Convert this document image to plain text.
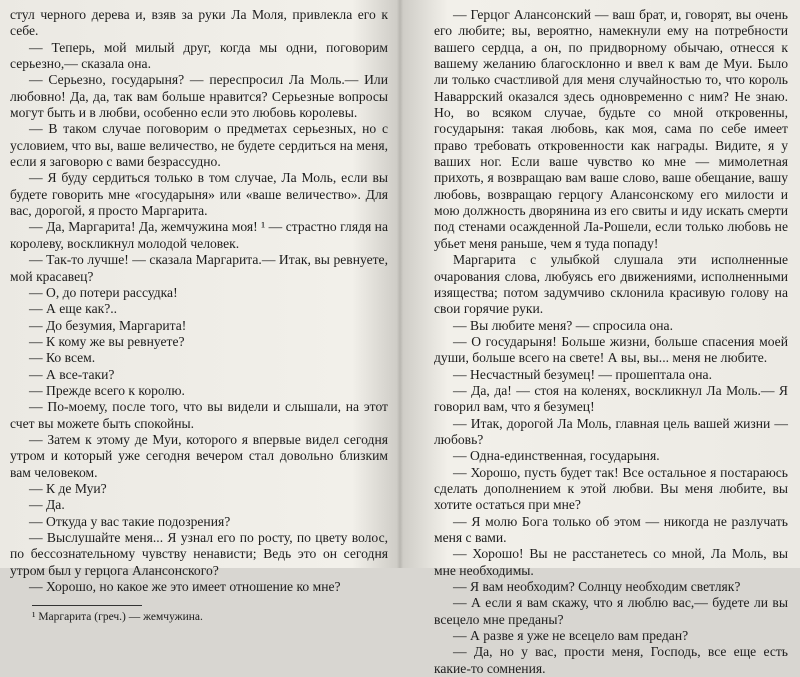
стул черного дерева и, взяв за руки Ла Моля, привлекла его к себе.

— Теперь, мой милый друг, когда мы одни, поговорим серьезно,— сказала она.

— Серьезно, государыня? — переспросил Ла Моль.— Или любовно! Да, да, так вам больше нравится? Серьезные вопросы могут быть и в любви, особенно если это любовь королевы.

— В таком случае поговорим о предметах серьезных, но с условием, что вы, ваше величество, не будете сердиться на меня, если я заговорю с вами безрассудно.

— Я буду сердиться только в том случае, Ла Моль, если вы будете говорить мне «государыня» или «ваше величество». Для вас, дорогой, я просто Маргарита.

— Да, Маргарита! Да, жемчужина моя! ¹ — страстно глядя на королеву, воскликнул молодой человек.

— Так-то лучше! — сказала Маргарита.— Итак, вы ревнуете, мой красавец?

— О, до потери рассудка!

— А еще как?..

— До безумия, Маргарита!

— К кому же вы ревнуете?

— Ко всем.

— А все-таки?

— Прежде всего к королю.

— По-моему, после того, что вы видели и слышали, на этот счет вы можете быть спокойны.

— Затем к этому де Муи, которого я впервые видел сегодня утром и который уже сегодня вечером стал довольно близким вам человеком.

— К де Муи?

— Да.

— Откуда у вас такие подозрения?

— Выслушайте меня... Я узнал его по росту, по цвету волос, по бессознательному чувству ненависти; Ведь это он сегодня утром был у герцога Алансонского?

— Хорошо, но какое же это имеет отношение ко мне?

¹ Маргарита (греч.) — жемчужина.

— Герцог Алансонский — ваш брат, и, говорят, вы очень его любите; вы, вероятно, намекнули ему на потребности вашего сердца, а он, по придворному обычаю, отнесся к вашему желанию благосклонно и ввел к вам де Муи. Было ли только счастливой для меня случайностью то, что король Наваррский оказался здесь одновременно с ним? Не знаю. Но, во всяком случае, будьте со мной откровенны, государыня: такая любовь, как моя, сама по себе имеет право требовать откровенности как награды. Видите, я у ваших ног. Если ваше чувство ко мне — мимолетная прихоть, я возвращаю вам ваше слово, ваше обещание, вашу любовь, возвращаю герцогу Алансонскому его милости и мою должность дворянина из его свиты и иду искать смерти под стенами осажденной Ла-Рошели, если только любовь не убьет меня раньше, чем я туда попаду!

Маргарита с улыбкой слушала эти исполненные очарования слова, любуясь его движениями, исполненными изящества; потом задумчиво склонила красивую голову на свои горячие руки.

— Вы любите меня? — спросила она.

— О государыня! Больше жизни, больше спасения моей души, больше всего на свете! А вы, вы... меня не любите.

— Несчастный безумец! — прошептала она.

— Да, да! — стоя на коленях, воскликнул Ла Моль.— Я говорил вам, что я безумец!

— Итак, дорогой Ла Моль, главная цель вашей жизни — любовь?

— Одна-единственная, государыня.

— Хорошо, пусть будет так! Все остальное я постараюсь сделать дополнением к этой любви. Вы меня любите, вы хотите остаться при мне?

— Я молю Бога только об этом — никогда не разлучать меня с вами.

— Хорошо! Вы не расстанетесь со мной, Ла Моль, вы мне необходимы.

— Я вам необходим? Солнцу необходим светляк?

— А если я вам скажу, что я люблю вас,— будете ли вы всецело мне преданы?

— А разве я уже не всецело вам предан?

— Да, но у вас, прости меня, Господь, все еще есть какие-то сомнения.
